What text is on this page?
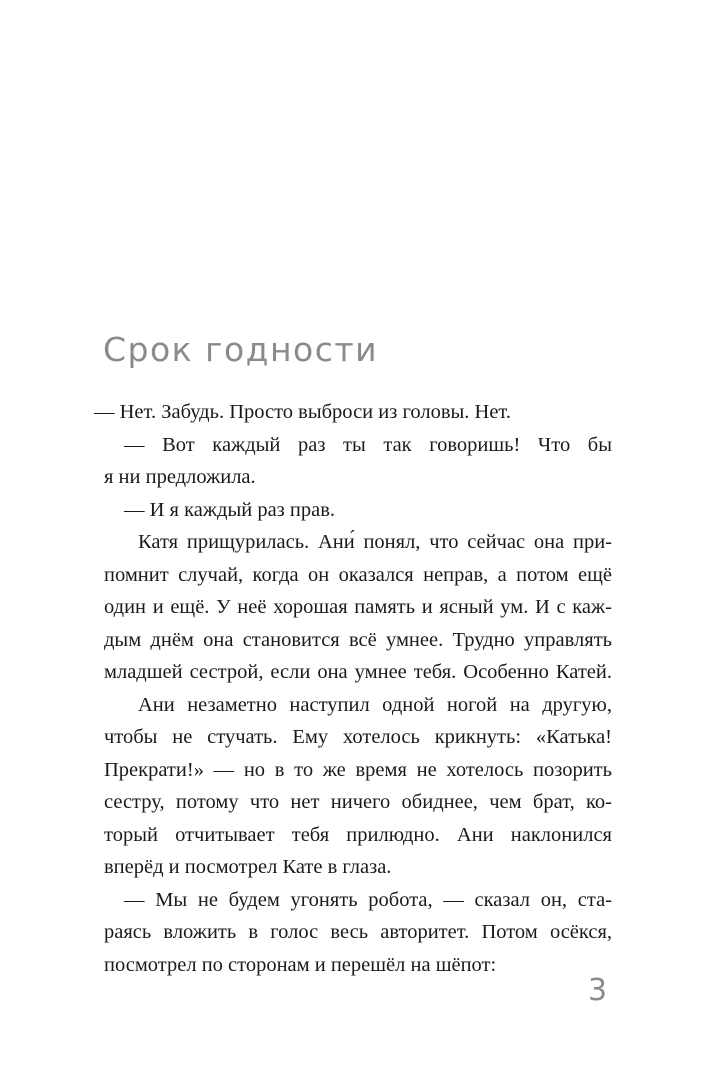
Срок годности
— Нет. Забудь. Просто выброси из головы. Нет.
— Вот каждый раз ты так говоришь! Что бы
я ни предложила.
— И я каждый раз прав.
Катя прищурилась. Ани́ понял, что сейчас она при-
помнит случай, когда он оказался неправ, а потом ещё
один и ещё. У неё хорошая память и ясный ум. И с каж-
дым днём она становится всё умнее. Трудно управлять
младшей сестрой, если она умнее тебя. Особенно Катей.
Ани незаметно наступил одной ногой на другую,
чтобы не стучать. Ему хотелось крикнуть: «Катька!
Прекрати!» — но в то же время не хотелось позорить
сестру, потому что нет ничего обиднее, чем брат, ко-
торый отчитывает тебя прилюдно. Ани наклонился
вперёд и посмотрел Кате в глаза.
— Мы не будем угонять робота, — сказал он, ста-
раясь вложить в голос весь авторитет. Потом осёкся,
посмотрел по сторонам и перешёл на шёпот:
3
